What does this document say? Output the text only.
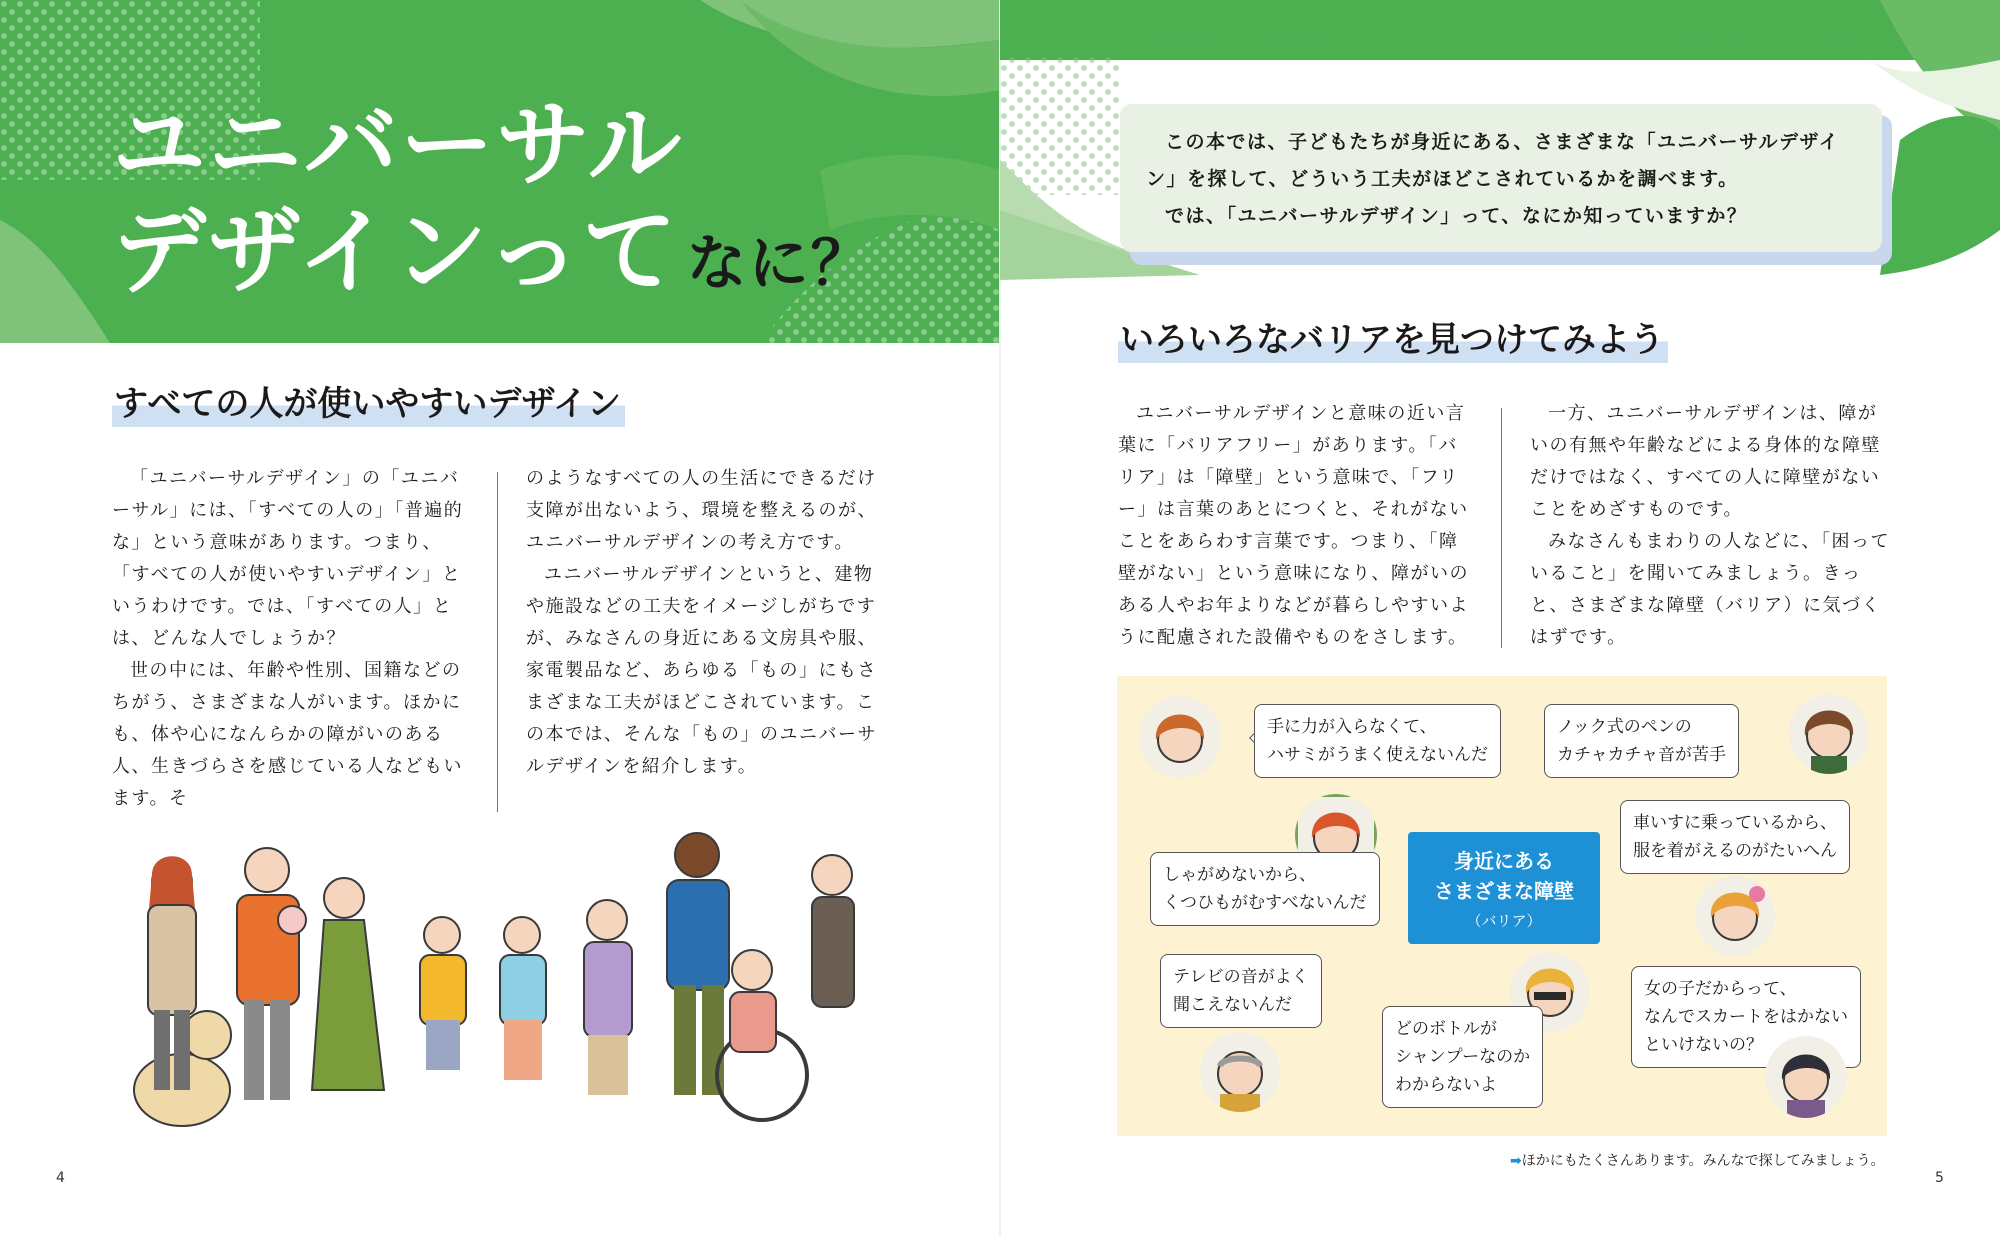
ユニバーサル
デザインって なに？
すべての人が使いやすいデザイン

「ユニバーサルデザイン」の「ユニバーサル」には、「すべての人の」「普遍的な」という意味があります。つまり、「すべての人が使いやすいデザイン」というわけです。では、「すべての人」とは、どんな人でしょうか？

世の中には、年齢や性別、国籍などのちがう、さまざまな人がいます。ほかにも、体や心になんらかの障がいのある人、生きづらさを感じている人などもいます。そ

のようなすべての人の生活にできるだけ支障が出ないよう、環境を整えるのが、ユニバーサルデザインの考え方です。

ユニバーサルデザインというと、建物や施設などの工夫をイメージしがちですが、みなさんの身近にある文房具や服、家電製品など、あらゆる「もの」にもさまざまな工夫がほどこされています。この本では、そんな「もの」のユニバーサルデザインを紹介します。

4

この本では、子どもたちが身近にある、さまざまな「ユニバーサルデザイン」を探して、どういう工夫がほどこされているかを調べます。

では、「ユニバーサルデザイン」って、なにか知っていますか？

いろいろなバリアを見つけてみよう

ユニバーサルデザインと意味の近い言葉に「バリアフリー」があります。「バリア」は「障壁」という意味で、「フリー」は言葉のあとにつくと、それがないことをあらわす言葉です。つまり、「障壁がない」という意味になり、障がいのある人やお年よりなどが暮らしやすいように配慮された設備やものをさします。

一方、ユニバーサルデザインは、障がいの有無や年齢などによる身体的な障壁だけではなく、すべての人に障壁がないことをめざすものです。

みなさんもまわりの人などに、「困っていること」を聞いてみましょう。きっと、さまざまな障壁（バリア）に気づくはずです。

手に力が入らなくて、
ハサミがうまく使えないんだ
ノック式のペンの
カチャカチャ音が苦手
しゃがめないから、
くつひもがむすべないんだ
身近にある
さまざまな障壁
（バリア）
車いすに乗っているから、
服を着がえるのがたいへん
テレビの音がよく
聞こえないんだ
どのボトルが
シャンプーなのか
わからないよ
女の子だからって、
なんでスカートをはかない
といけないの？
➡ほかにもたくさんあります。みんなで探してみましょう。
5
